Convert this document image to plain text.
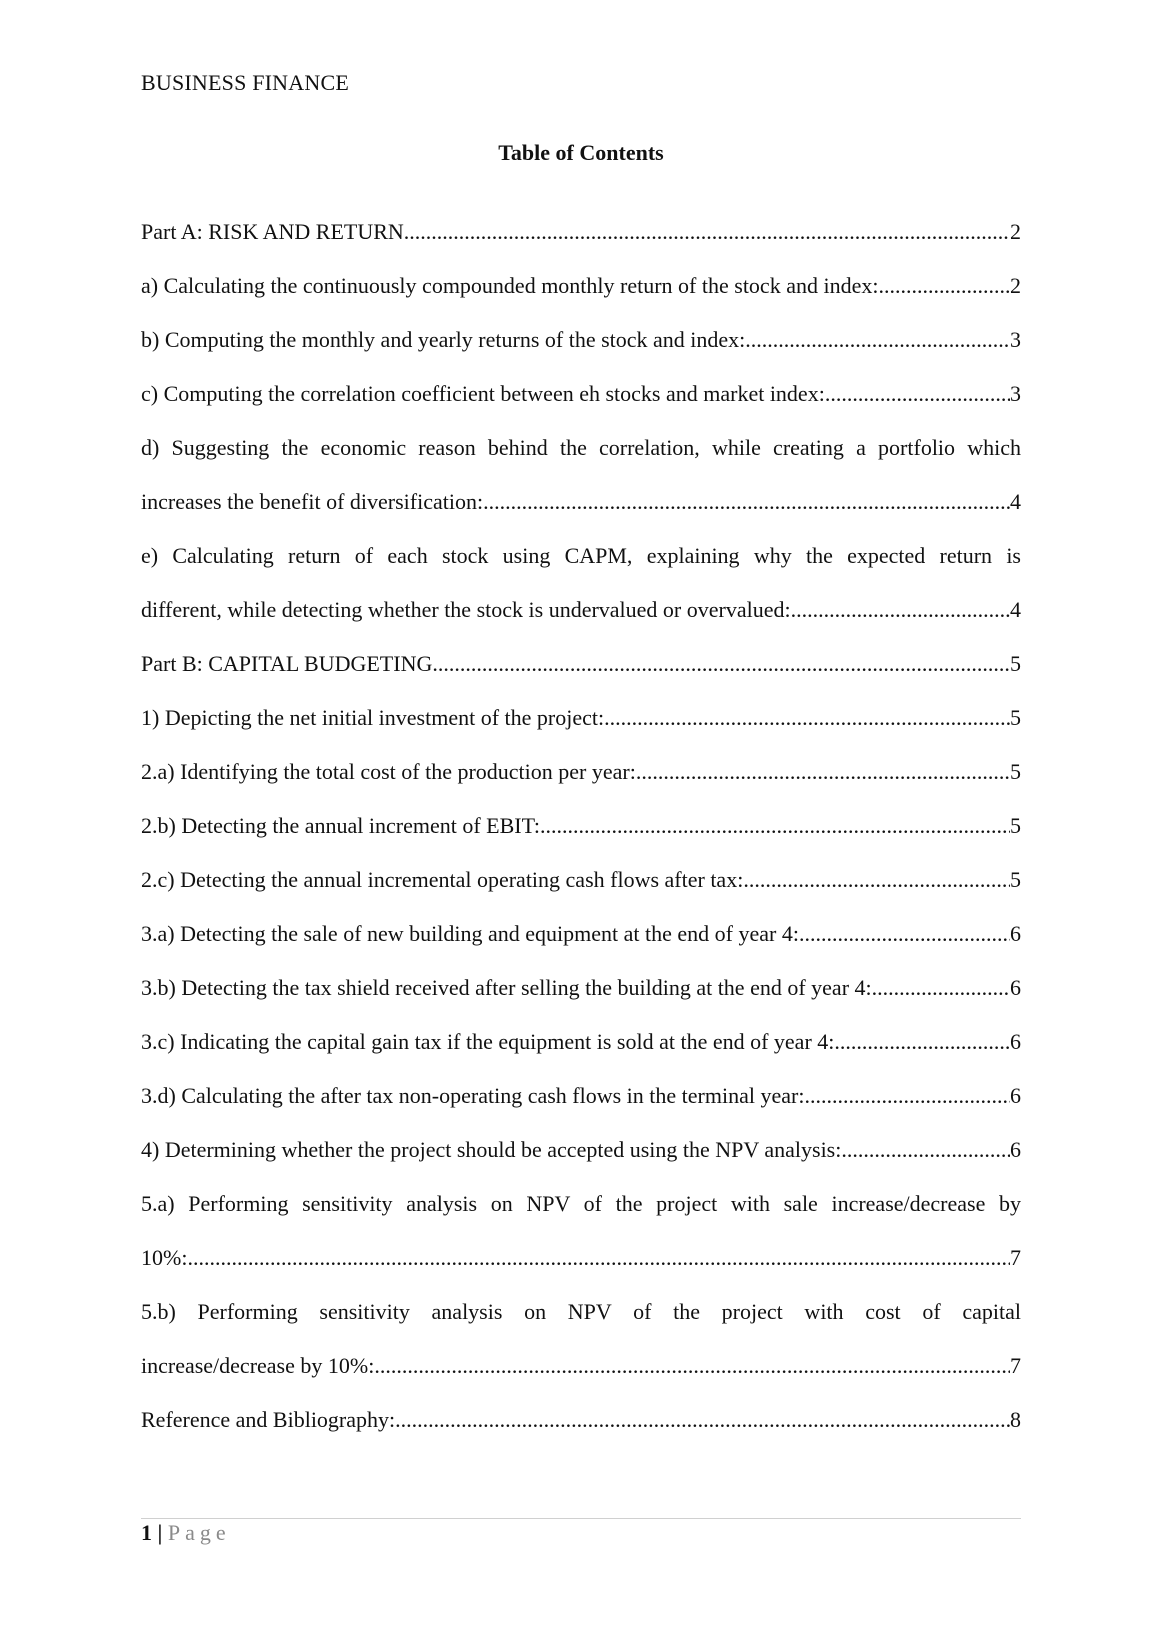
BUSINESS FINANCE
Table of Contents
Part A: RISK AND RETURN .....	2
a) Calculating the continuously compounded monthly return of the stock and index: .....	2
b) Computing the monthly and yearly returns of the stock and index: .....	3
c) Computing the correlation coefficient between eh stocks and market index: .....	3
d) Suggesting the economic reason behind the correlation, while creating a portfolio which
increases the benefit of diversification: .....	4
e) Calculating return of each stock using CAPM, explaining why the expected return is
different, while detecting whether the stock is undervalued or overvalued: .....	4
Part B: CAPITAL BUDGETING .....	5
1) Depicting the net initial investment of the project: .....	5
2.a) Identifying the total cost of the production per year: .....	5
2.b) Detecting the annual increment of EBIT: .....	5
2.c) Detecting the annual incremental operating cash flows after tax: .....	5
3.a) Detecting the sale of new building and equipment at the end of year 4: .....	6
3.b) Detecting the tax shield received after selling the building at the end of year 4: .....	6
3.c) Indicating the capital gain tax if the equipment is sold at the end of year 4: .....	6
3.d) Calculating the after tax non-operating cash flows in the terminal year: .....	6
4) Determining whether the project should be accepted using the NPV analysis: .....	6
5.a) Performing sensitivity analysis on NPV of the project with sale increase/decrease by
10%: .....	7
5.b) Performing sensitivity analysis on NPV of the project with cost of capital
increase/decrease by 10%: .....	7
Reference and Bibliography: .....	8
1 | Page
